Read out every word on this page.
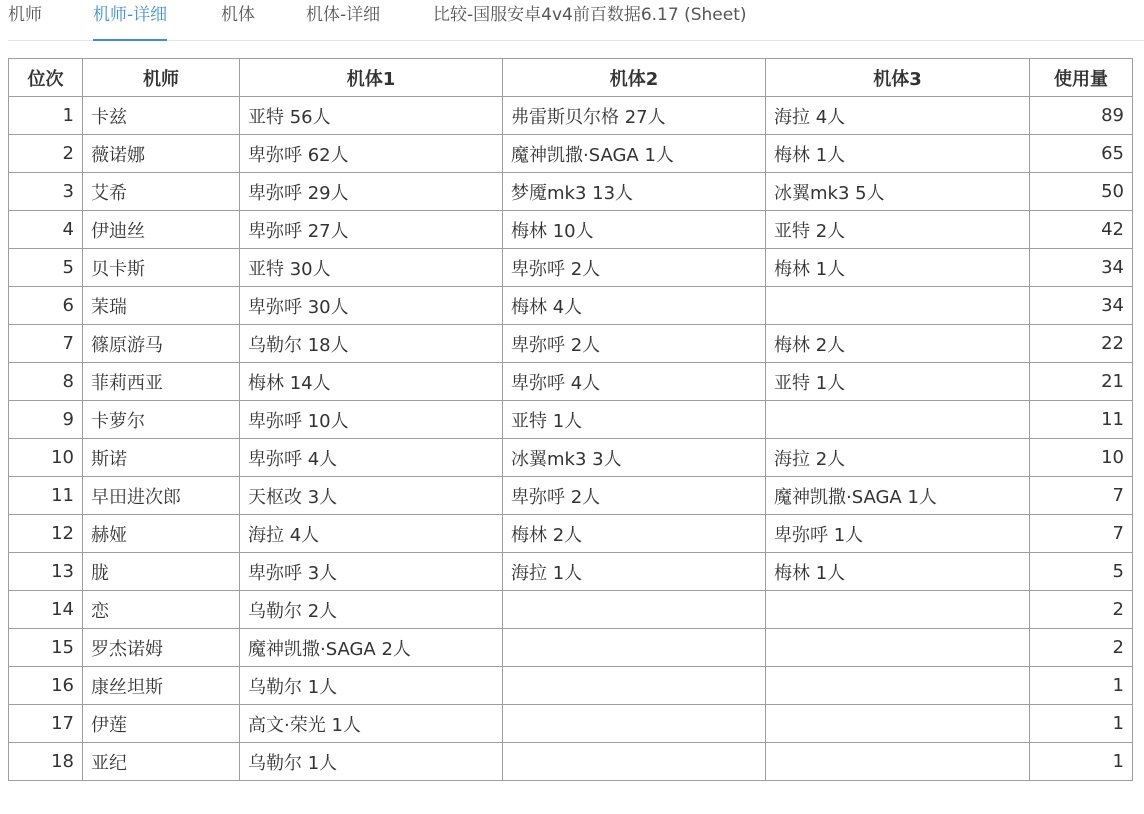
机师	机师-详细	机体	机体-详细	比较-国服安卓4v4前百数据6.17 (Sheet)
位次	机师	机体1	机体2	机体3	使用量
1	卡兹	亚特 56人	弗雷斯贝尔格 27人	海拉 4人	89
2	薇诺娜	卑弥呼 62人	魔神凯撒·SAGA 1人	梅林 1人	65
3	艾希	卑弥呼 29人	梦魇mk3 13人	冰翼mk3 5人	50
4	伊迪丝	卑弥呼 27人	梅林 10人	亚特 2人	42
5	贝卡斯	亚特 30人	卑弥呼 2人	梅林 1人	34
6	茉瑞	卑弥呼 30人	梅林 4人		34
7	篠原游马	乌勒尔 18人	卑弥呼 2人	梅林 2人	22
8	菲莉西亚	梅林 14人	卑弥呼 4人	亚特 1人	21
9	卡萝尔	卑弥呼 10人	亚特 1人		11
10	斯诺	卑弥呼 4人	冰翼mk3 3人	海拉 2人	10
11	早田进次郎	天枢改 3人	卑弥呼 2人	魔神凯撒·SAGA 1人	7
12	赫娅	海拉 4人	梅林 2人	卑弥呼 1人	7
13	胧	卑弥呼 3人	海拉 1人	梅林 1人	5
14	恋	乌勒尔 2人			2
15	罗杰诺姆	魔神凯撒·SAGA 2人			2
16	康丝坦斯	乌勒尔 1人			1
17	伊莲	高文·荣光 1人			1
18	亚纪	乌勒尔 1人			1
